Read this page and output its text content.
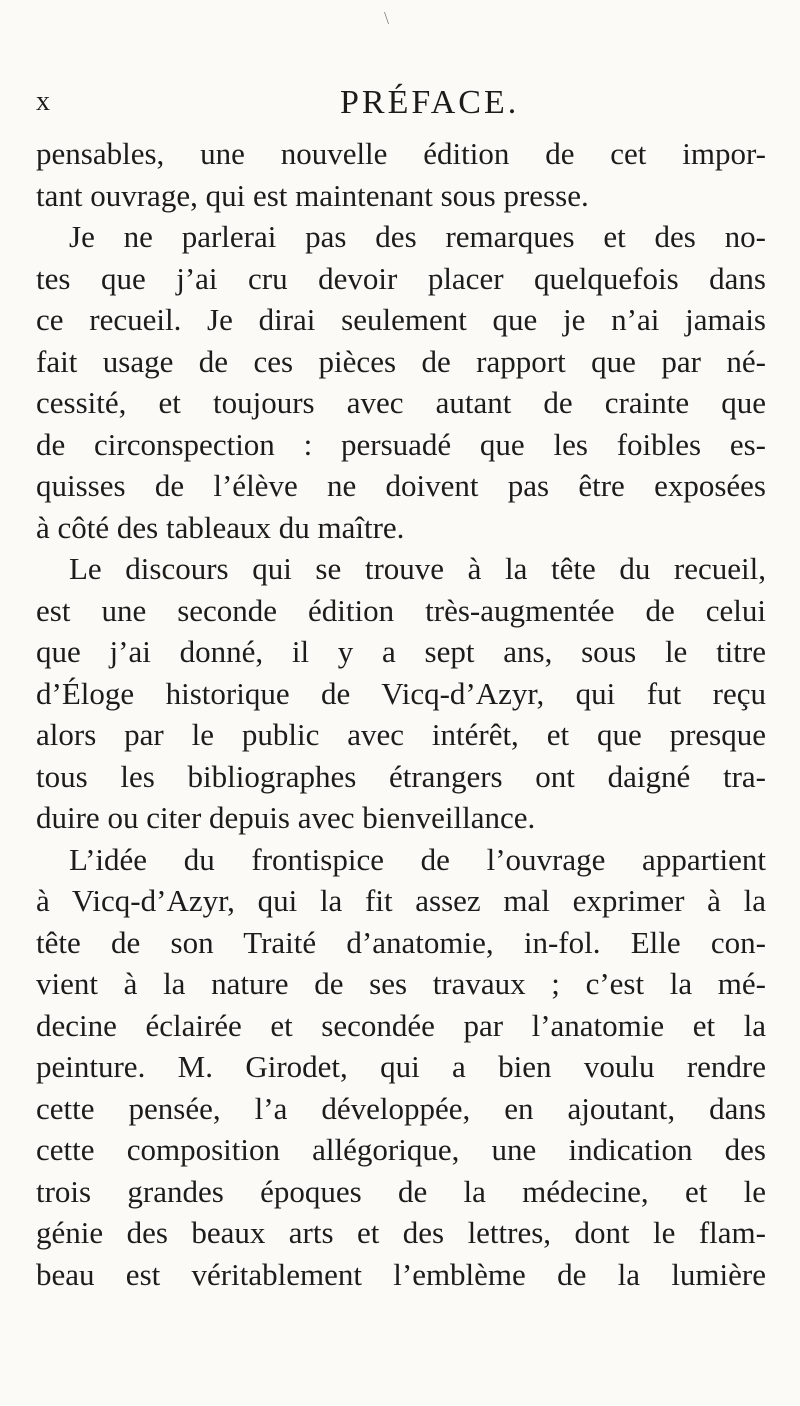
\
x	PRÉFACE.
pensables, une nouvelle édition de cet impor-
tant ouvrage, qui est maintenant sous presse.
Je ne parlerai pas des remarques et des no-
tes que j’ai cru devoir placer quelquefois dans
ce recueil. Je dirai seulement que je n’ai jamais
fait usage de ces pièces de rapport que par né-
cessité, et toujours avec autant de crainte que
de circonspection : persuadé que les foibles es-
quisses de l’élève ne doivent pas être exposées
à côté des tableaux du maître.
Le discours qui se trouve à la tête du recueil,
est une seconde édition très-augmentée de celui
que j’ai donné, il y a sept ans, sous le titre
d’Éloge historique de Vicq-d’Azyr, qui fut reçu
alors par le public avec intérêt, et que presque
tous les bibliographes étrangers ont daigné tra-
duire ou citer depuis avec bienveillance.
L’idée du frontispice de l’ouvrage appartient
à Vicq-d’Azyr, qui la fit assez mal exprimer à la
tête de son Traité d’anatomie, in-fol. Elle con-
vient à la nature de ses travaux ; c’est la mé-
decine éclairée et secondée par l’anatomie et la
peinture. M. Girodet, qui a bien voulu rendre
cette pensée, l’a développée, en ajoutant, dans
cette composition allégorique, une indication des
trois grandes époques de la médecine, et le
génie des beaux arts et des lettres, dont le flam-
beau est véritablement l’emblème de la lumière
